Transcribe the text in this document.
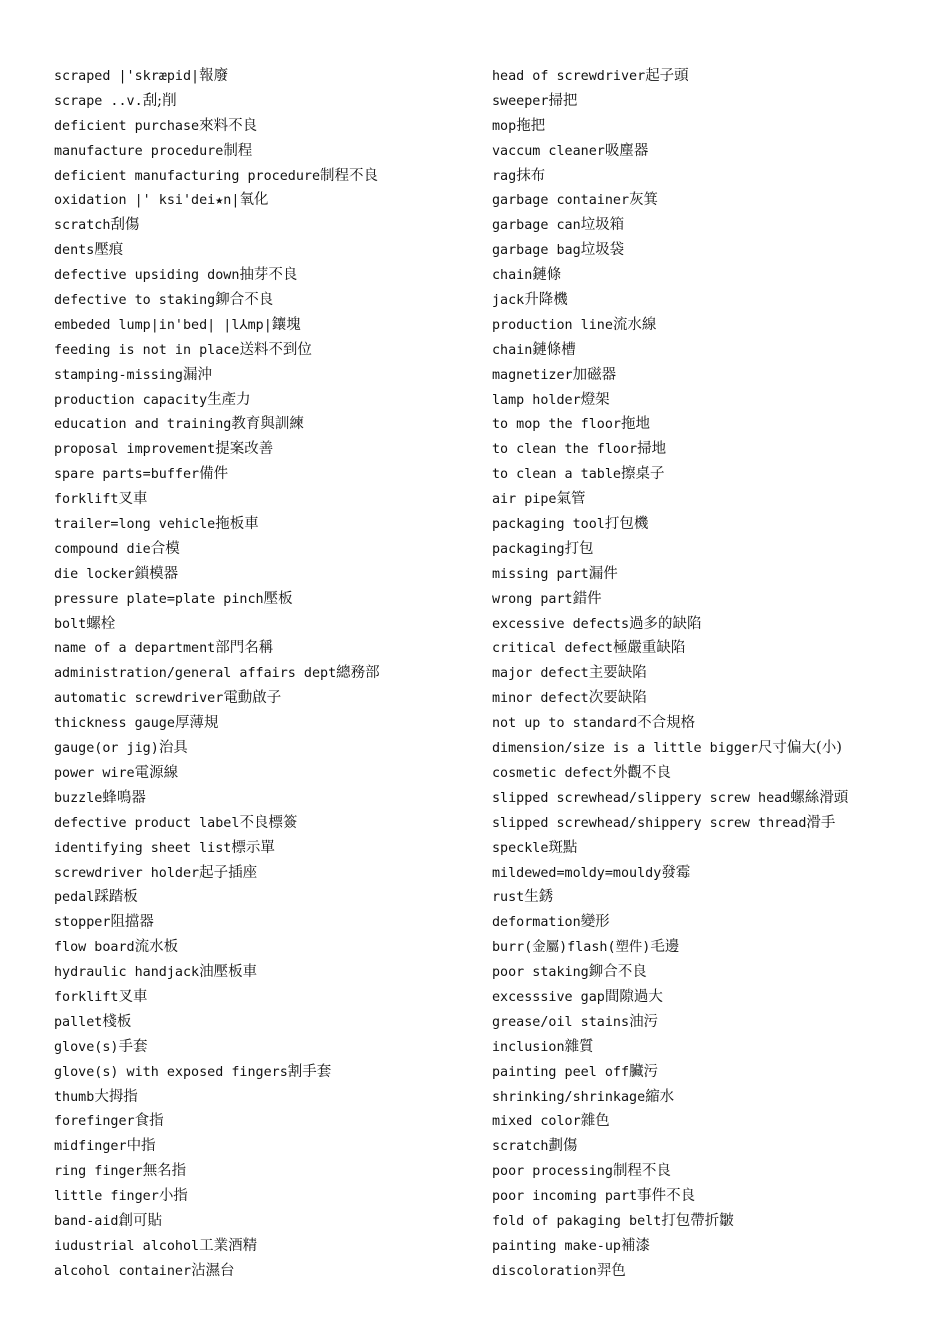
scraped |'skræpid|報廢
scrape ..v.刮;削
deficient purchase來料不良
manufacture procedure制程
deficient manufacturing procedure制程不良
oxidation |' ksi'dei★n|氧化
scratch刮傷
dents壓痕
defective upsiding down抽芽不良
defective to staking鉚合不良
embeded lump|in'bed| |l⅄mp|鑲塊
feeding is not in place送料不到位
stamping-missing漏沖
production capacity生產力
education and training教育與訓練
proposal improvement提案改善
spare parts=buffer備件
forklift叉車
trailer=long vehicle拖板車
compound die合模
die locker鎖模器
pressure plate=plate pinch壓板
bolt螺栓
name of a department部門名稱
administration/general affairs dept總務部
automatic screwdriver電動啟子
thickness gauge厚薄規
gauge(or jig)治具
power wire電源線
buzzle蜂鳴器
defective product label不良標簽
identifying sheet list標示單
screwdriver holder起子插座
pedal踩踏板
stopper阻擋器
flow board流水板
hydraulic handjack油壓板車
forklift叉車
pallet棧板
glove(s)手套
glove(s) with exposed fingers割手套
thumb大拇指
forefinger食指
midfinger中指
ring finger無名指
little finger小指
band-aid創可貼
iudustrial alcohol工業酒精
alcohol container沾濕台
head of screwdriver起子頭
sweeper掃把
mop拖把
vaccum cleaner吸塵器
rag抹布
garbage container灰箕
garbage can垃圾箱
garbage bag垃圾袋
chain鏈條
jack升降機
production line流水線
chain鏈條槽
magnetizer加磁器
lamp holder燈架
to mop the floor拖地
to clean the floor掃地
to clean a table擦桌子
air pipe氣管
packaging tool打包機
packaging打包
missing part漏件
wrong part錯件
excessive defects過多的缺陷
critical defect極嚴重缺陷
major defect主要缺陷
minor defect次要缺陷
not up to standard不合規格
dimension/size is a little bigger尺寸偏大(小)
cosmetic defect外觀不良
slipped screwhead/slippery screw head螺絲滑頭
slipped screwhead/shippery screw thread滑手
speckle斑點
mildewed=moldy=mouldy發霉
rust生銹
deformation變形
burr(金屬)flash(塑件)毛邊
poor staking鉚合不良
excesssive gap間隙過大
grease/oil stains油污
inclusion雜質
painting peel off臟污
shrinking/shrinkage縮水
mixed color雜色
scratch劃傷
poor processing制程不良
poor incoming part事件不良
fold of pakaging belt打包帶折皺
painting make-up補漆
discoloration羿色
